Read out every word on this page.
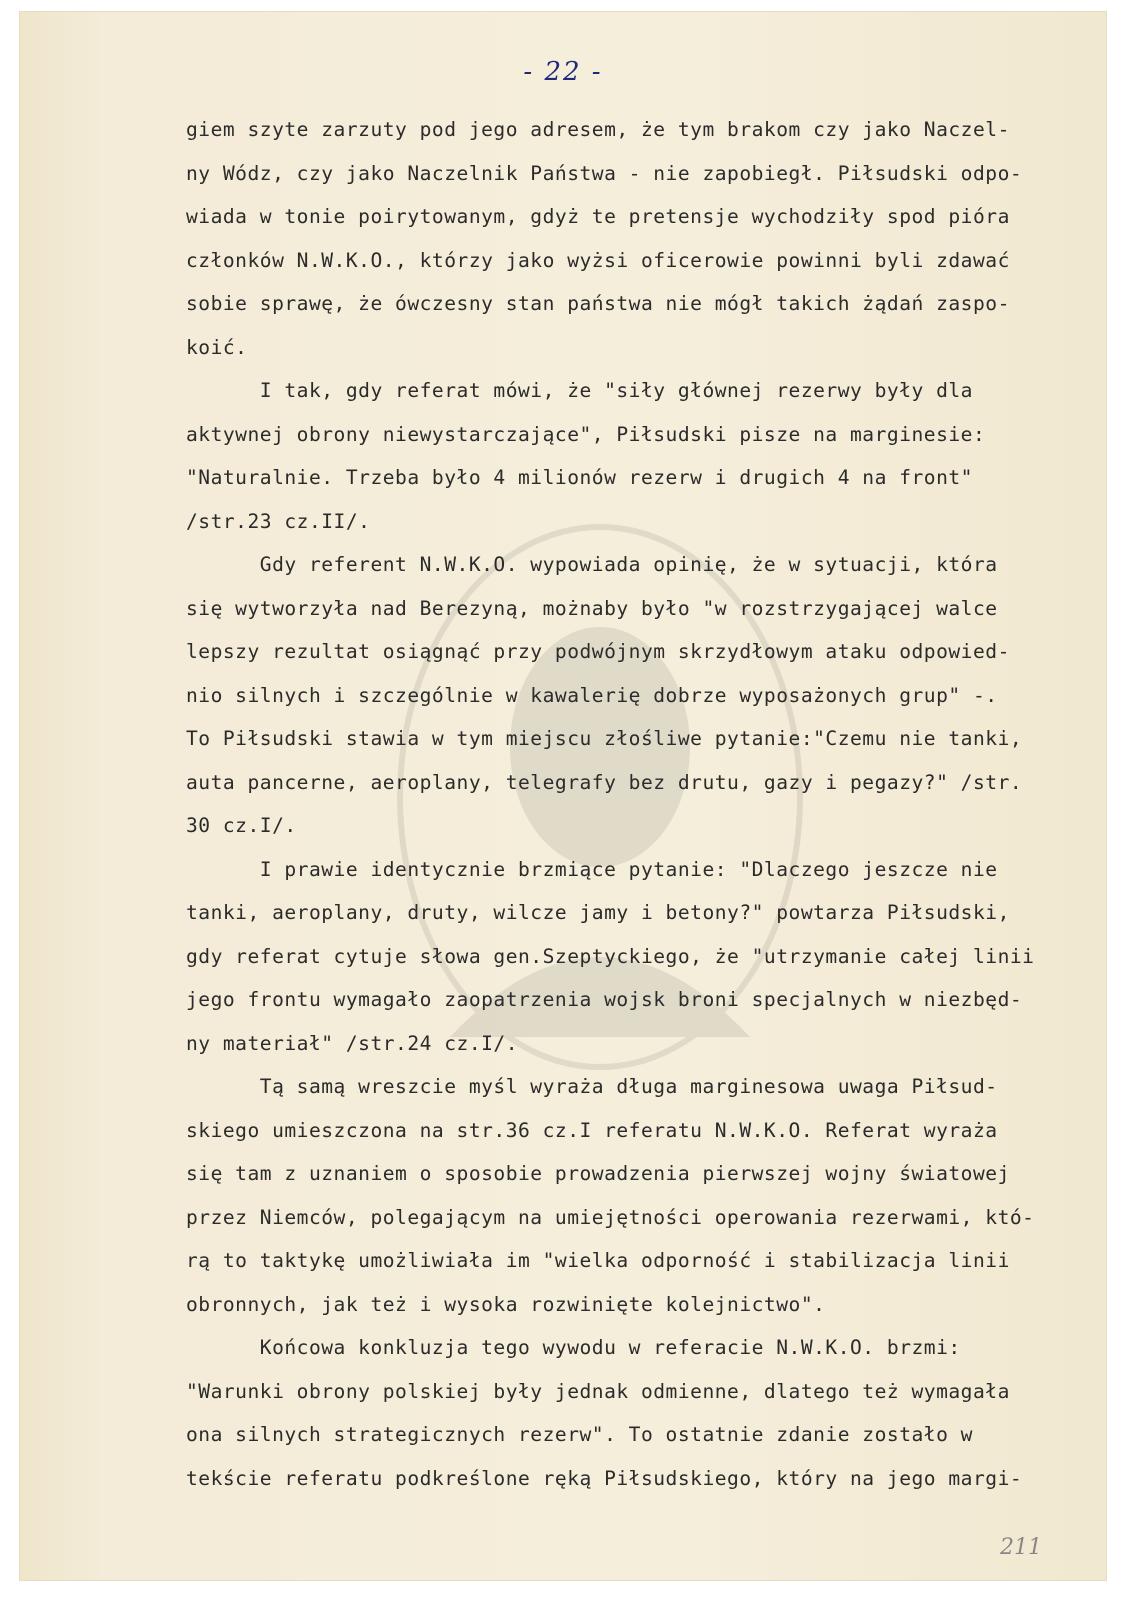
- 22 -
giem szyte zarzuty pod jego adresem, że tym brakom czy jako Naczel-
ny Wódz, czy jako Naczelnik Państwa - nie zapobiegł. Piłsudski odpo-
wiada w tonie poirytowanym, gdyż te pretensje wychodziły spod pióra
członków N.W.K.O., którzy jako wyżsi oficerowie powinni byli zdawać
sobie sprawę, że ówczesny stan państwa nie mógł takich żądań zaspo-
koić.
I tak, gdy referat mówi, że "siły głównej rezerwy były dla
aktywnej obrony niewystarczające", Piłsudski pisze na marginesie:
"Naturalnie. Trzeba było 4 milionów rezerw i drugich 4 na front"
/str.23 cz.II/.
Gdy referent N.W.K.O. wypowiada opinię, że w sytuacji, która
się wytworzyła nad Berezyną, możnaby było "w rozstrzygającej walce
lepszy rezultat osiągnąć przy podwójnym skrzydłowym ataku odpowied-
nio silnych i szczególnie w kawalerię dobrze wyposażonych grup" -.
To Piłsudski stawia w tym miejscu złośliwe pytanie:"Czemu nie tanki,
auta pancerne, aeroplany, telegrafy bez drutu, gazy i pegazy?" /str.
30 cz.I/.
I prawie identycznie brzmiące pytanie: "Dlaczego jeszcze nie
tanki, aeroplany, druty, wilcze jamy i betony?" powtarza Piłsudski,
gdy referat cytuje słowa gen.Szeptyckiego, że "utrzymanie całej linii
jego frontu wymagało zaopatrzenia wojsk broni specjalnych w niezbęd-
ny materiał" /str.24 cz.I/.
Tą samą wreszcie myśl wyraża długa marginesowa uwaga Piłsud-
skiego umieszczona na str.36 cz.I referatu N.W.K.O. Referat wyraża
się tam z uznaniem o sposobie prowadzenia pierwszej wojny światowej
przez Niemców, polegającym na umiejętności operowania rezerwami, któ-
rą to taktykę umożliwiała im "wielka odporność i stabilizacja linii
obronnych, jak też i wysoka rozwinięte kolejnictwo".
Końcowa konkluzja tego wywodu w referacie N.W.K.O. brzmi:
"Warunki obrony polskiej były jednak odmienne, dlatego też wymagała
ona silnych strategicznych rezerw". To ostatnie zdanie zostało w
tekście referatu podkreślone ręką Piłsudskiego, który na jego margi-
211
